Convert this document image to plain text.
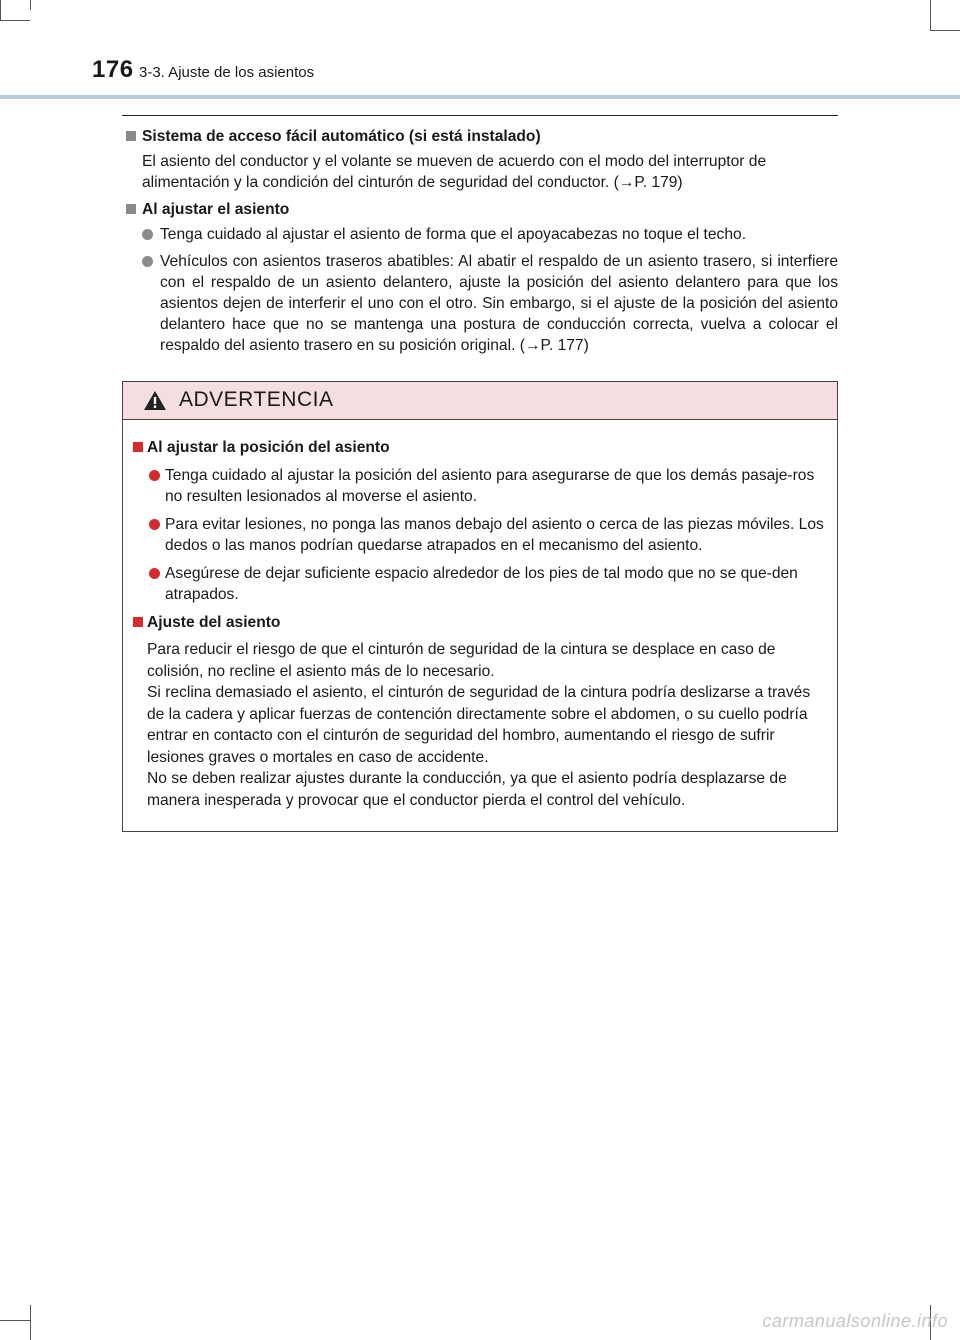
176 3-3. Ajuste de los asientos
Sistema de acceso fácil automático (si está instalado)
El asiento del conductor y el volante se mueven de acuerdo con el modo del interruptor de alimentación y la condición del cinturón de seguridad del conductor. (→P. 179)
Al ajustar el asiento
Tenga cuidado al ajustar el asiento de forma que el apoyacabezas no toque el techo.
Vehículos con asientos traseros abatibles: Al abatir el respaldo de un asiento trasero, si interfiere con el respaldo de un asiento delantero, ajuste la posición del asiento delantero para que los asientos dejen de interferir el uno con el otro. Sin embargo, si el ajuste de la posición del asiento delantero hace que no se mantenga una postura de conducción correcta, vuelva a colocar el respaldo del asiento trasero en su posición original. (→P. 177)
ADVERTENCIA
Al ajustar la posición del asiento
Tenga cuidado al ajustar la posición del asiento para asegurarse de que los demás pasaje-ros no resulten lesionados al moverse el asiento.
Para evitar lesiones, no ponga las manos debajo del asiento o cerca de las piezas móviles. Los dedos o las manos podrían quedarse atrapados en el mecanismo del asiento.
Asegúrese de dejar suficiente espacio alrededor de los pies de tal modo que no se que-den atrapados.
Ajuste del asiento
Para reducir el riesgo de que el cinturón de seguridad de la cintura se desplace en caso de colisión, no recline el asiento más de lo necesario.
Si reclina demasiado el asiento, el cinturón de seguridad de la cintura podría deslizarse a través de la cadera y aplicar fuerzas de contención directamente sobre el abdomen, o su cuello podría entrar en contacto con el cinturón de seguridad del hombro, aumentando el riesgo de sufrir lesiones graves o mortales en caso de accidente.
No se deben realizar ajustes durante la conducción, ya que el asiento podría desplazarse de manera inesperada y provocar que el conductor pierda el control del vehículo.
carmanualsonline.info
